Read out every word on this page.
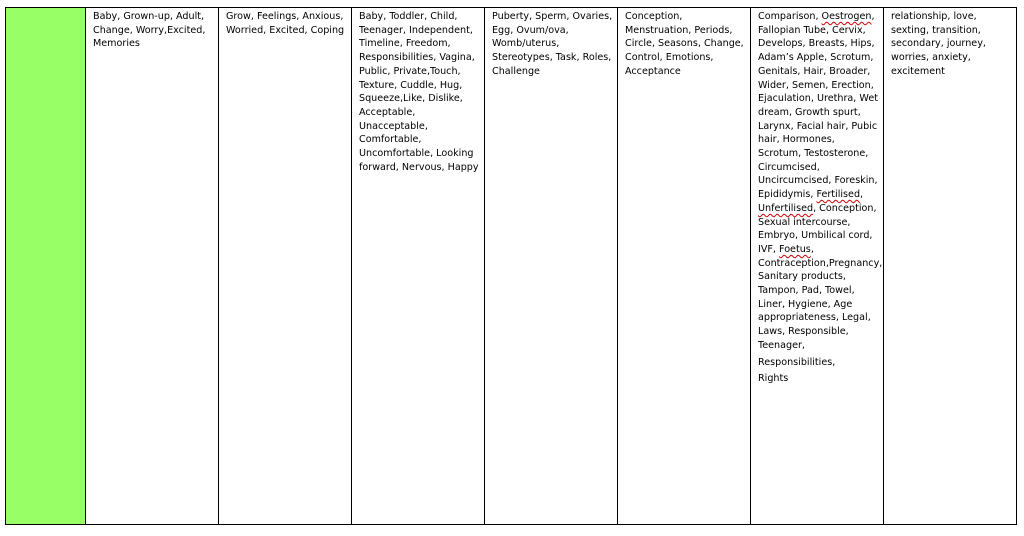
Baby, Grown-up, Adult, Change, Worry,Excited, Memories
Grow, Feelings, Anxious, Worried, Excited, Coping
Baby, Toddler, Child, Teenager, Independent, Timeline, Freedom, Responsibilities, Vagina, Public, Private,Touch, Texture, Cuddle, Hug, Squeeze,Like, Dislike, Acceptable, Unacceptable, Comfortable, Uncomfortable, Looking forward, Nervous, Happy
Puberty, Sperm, Ovaries, Egg, Ovum/ova, Womb/uterus, Stereotypes, Task, Roles, Challenge
Conception, Menstruation, Periods, Circle, Seasons, Change, Control, Emotions, Acceptance
Comparison, Oestrogen, Fallopian Tube, Cervix, Develops, Breasts, Hips, Adam’s Apple, Scrotum, Genitals, Hair, Broader, Wider, Semen, Erection, Ejaculation, Urethra, Wet dream, Growth spurt, Larynx, Facial hair, Pubic hair, Hormones, Scrotum, Testosterone, Circumcised, Uncircumcised, Foreskin, Epididymis, Fertilised, Unfertilised, Conception, Sexual intercourse, Embryo, Umbilical cord, IVF, Foetus, Contraception,Pregnancy, Sanitary products, Tampon, Pad, Towel, Liner, Hygiene, Age appropriateness, Legal, Laws, Responsible, Teenager,
Responsibilities,
Rights
relationship, love, sexting, transition, secondary, journey, worries, anxiety, excitement
